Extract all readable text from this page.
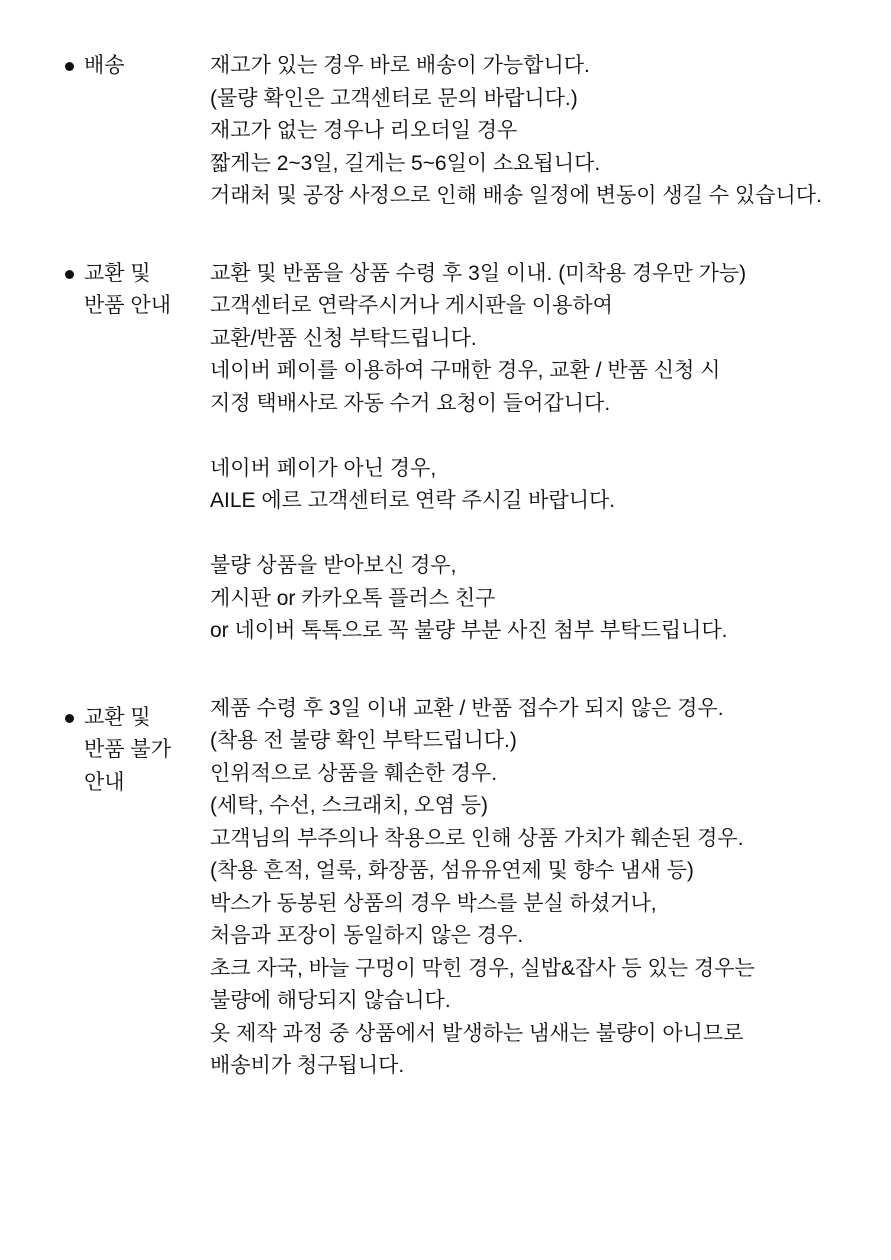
배송	재고가 있는 경우 바로 배송이 가능합니다.

(물량 확인은 고객센터로 문의 바랍니다.)

재고가 없는 경우나 리오더일 경우

짧게는 2~3일, 길게는 5~6일이 소요됩니다.

거래처 및 공장 사정으로 인해 배송 일정에 변동이 생길 수 있습니다.

교환 및

반품 안내

교환 및 반품을 상품 수령 후 3일 이내. (미착용 경우만 가능)

고객센터로 연락주시거나 게시판을 이용하여

교환/반품 신청 부탁드립니다.

네이버 페이를 이용하여 구매한 경우, 교환 / 반품 신청 시

지정 택배사로 자동 수거 요청이 들어갑니다.

네이버 페이가 아닌 경우,

AILE 에르 고객센터로 연락 주시길 바랍니다.

불량 상품을 받아보신 경우,

게시판 or 카카오톡 플러스 친구

or 네이버 톡톡으로 꼭 불량 부분 사진 첨부 부탁드립니다.

교환 및

반품 불가

안내

제품 수령 후 3일 이내 교환 / 반품 접수가 되지 않은 경우.

(착용 전 불량 확인 부탁드립니다.)

인위적으로 상품을 훼손한 경우.

(세탁, 수선, 스크래치, 오염 등)

고객님의 부주의나 착용으로 인해 상품 가치가 훼손된 경우.

(착용 흔적, 얼룩, 화장품, 섬유유연제 및 향수 냄새 등)

박스가 동봉된 상품의 경우 박스를 분실 하셨거나,

처음과 포장이 동일하지 않은 경우.

초크 자국, 바늘 구멍이 막힌 경우, 실밥&잡사 등 있는 경우는

불량에 해당되지 않습니다.

옷 제작 과정 중 상품에서 발생하는 냄새는 불량이 아니므로

배송비가 청구됩니다.
